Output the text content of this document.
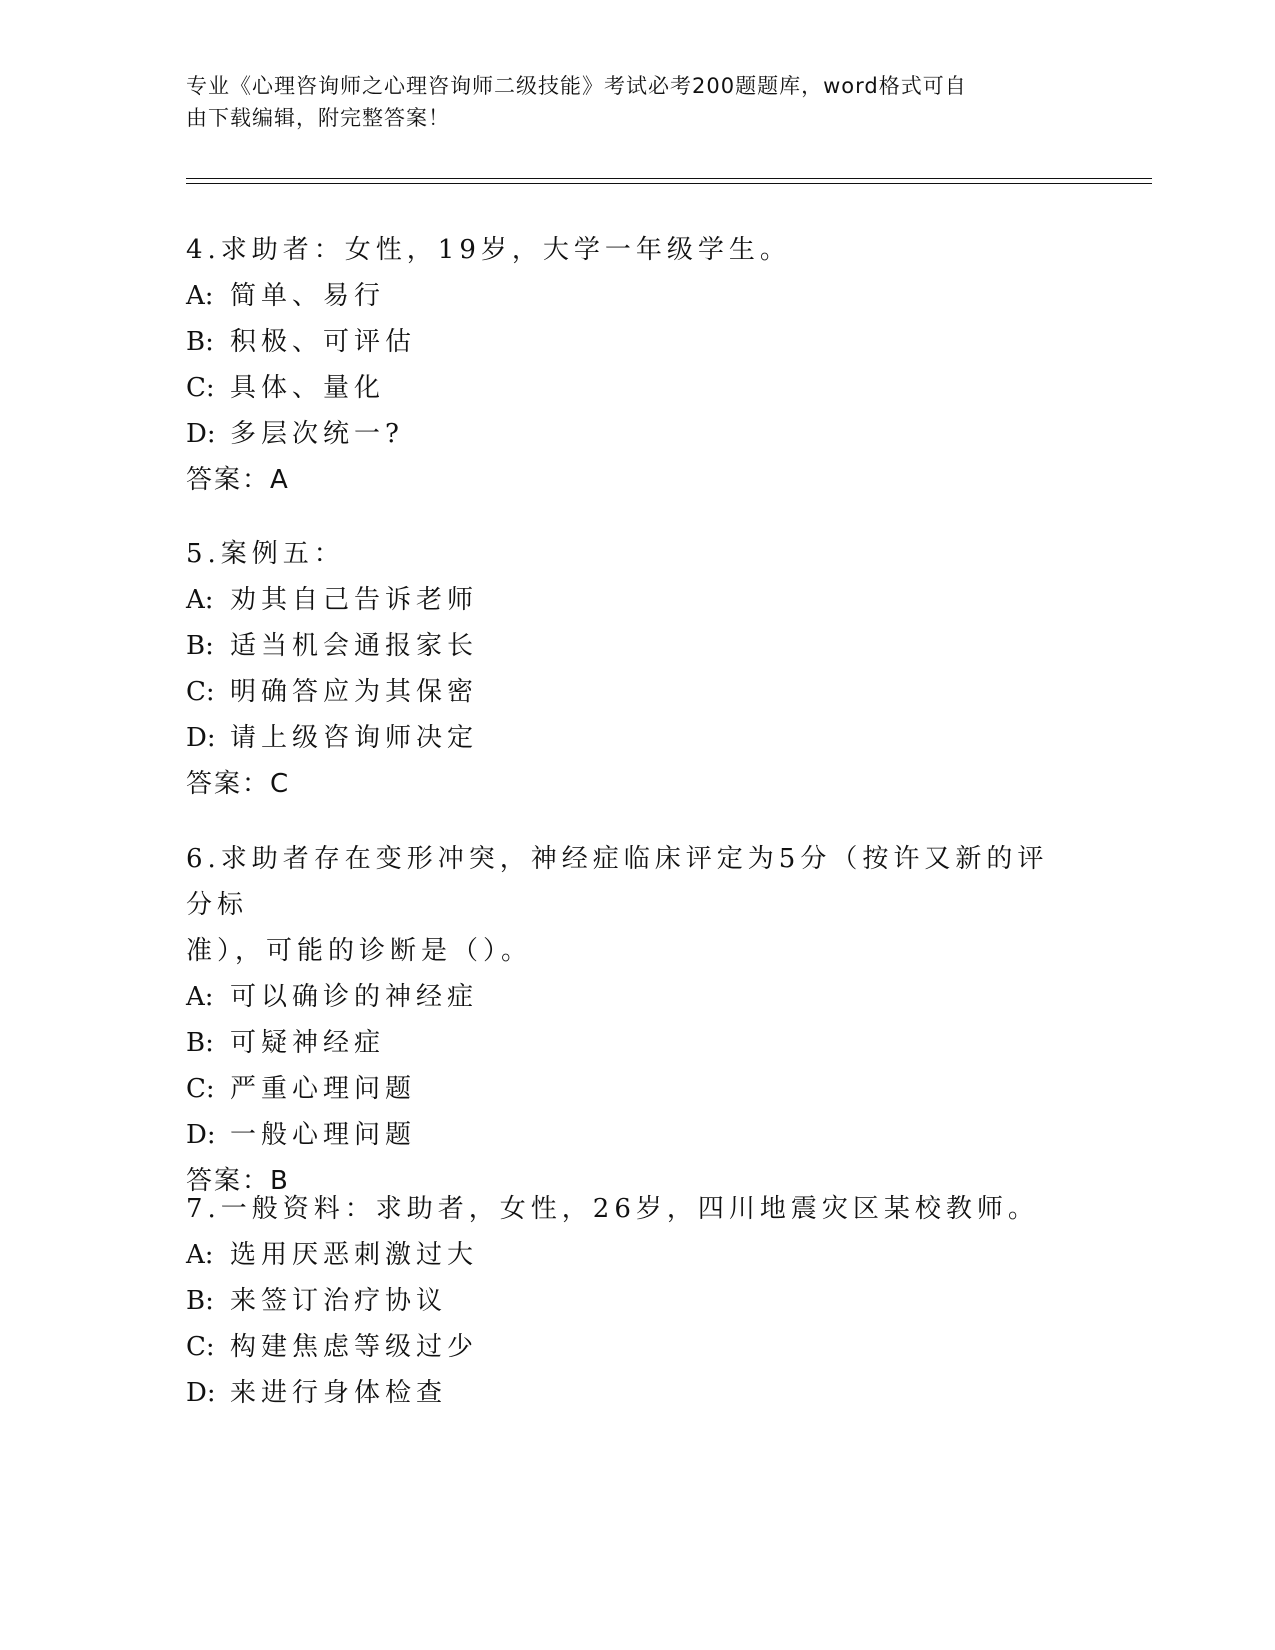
专业《心理咨询师之心理咨询师二级技能》考试必考200题题库，word格式可自
由下载编辑，附完整答案！
4.求助者：女性，19岁，大学一年级学生。
A: 简单、易行
B: 积极、可评估
C: 具体、量化
D: 多层次统一?
答案：A
5.案例五：
A: 劝其自己告诉老师
B: 适当机会通报家长
C: 明确答应为其保密
D: 请上级咨询师决定
答案：C
6.求助者存在变形冲突，神经症临床评定为5分（按许又新的评分标
准），可能的诊断是（）。
A: 可以确诊的神经症
B: 可疑神经症
C: 严重心理问题
D: 一般心理问题
答案：B
7.一般资料：求助者，女性，26岁，四川地震灾区某校教师。
A: 选用厌恶刺激过大
B: 来签订治疗协议
C: 构建焦虑等级过少
D: 来进行身体检查
